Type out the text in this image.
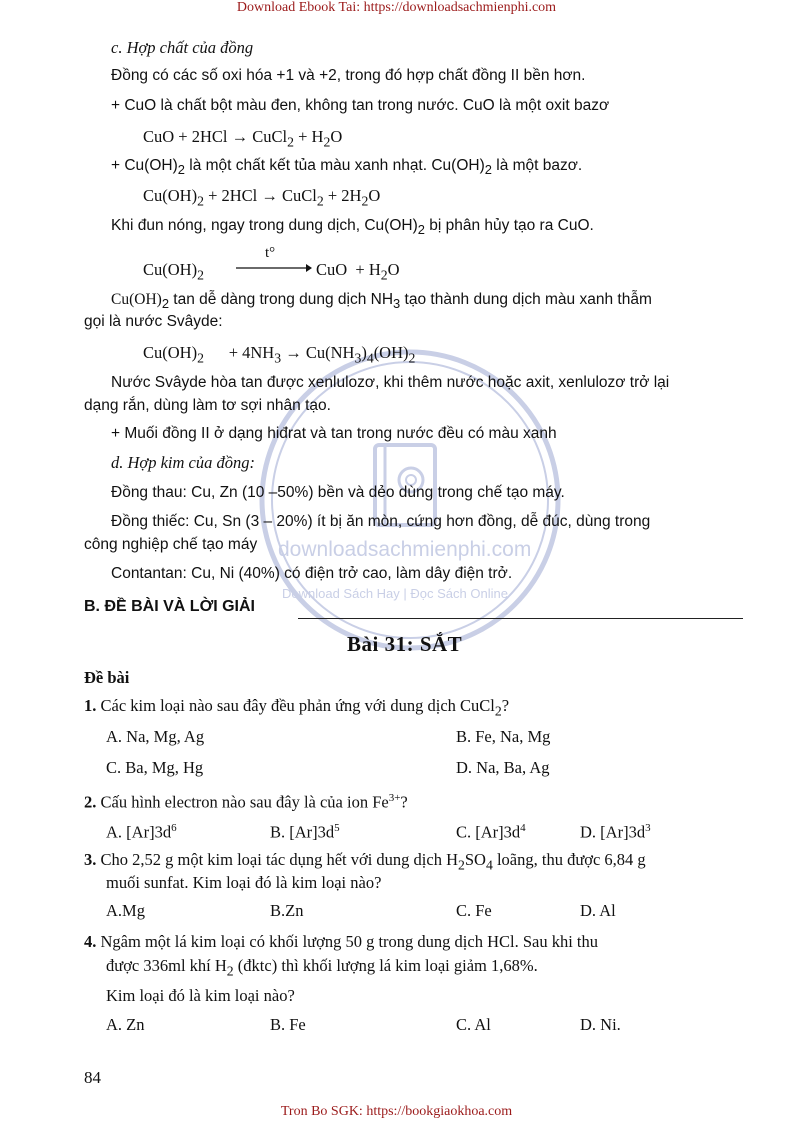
Download Ebook Tai: https://downloadsachmienphi.com
Tron Bo SGK: https://bookgiaokhoa.com
downloadsachmienphi.com
Download Sách Hay | Đọc Sách Online
c. Hợp chất của đồng
Đồng có các số oxi hóa +1 và +2, trong đó hợp chất đồng II bền hơn.
+ CuO là chất bột màu đen, không tan trong nước. CuO là một oxit bazơ
CuO + 2HCl → CuCl$_2$ + $H_2O$
+ $Cu(OH)_2$ là một chất kết tủa màu xanh nhạt. $Cu(OH)_2$ là một bazơ.
$Cu(OH)_2 + 2HCl$ → CuCl$_2$ + $2H_2O$
Khi đun nóng, ngay trong dung dịch, $Cu(OH)_2$ bị phân hủy tạo ra CuO.
$Cu(OH)_2$
t°
CuO + $H_2O$
$Cu(OH)_2$ tan dễ dàng trong dung dịch $NH_3$ tạo thành dung dịch màu xanh thẫm
gọi là nước Svâyde:
$Cu(OH)_2 + 4NH_3 \to Cu(NH_3)_4(OH)_2$
Nước Svâyde hòa tan được xenlulozơ, khi thêm nước hoặc axit, xenlulozơ trở lại
dạng rắn, dùng làm tơ sợi nhân tạo.
+ Muối đồng II ở dạng hiđrat và tan trong nước đều có màu xanh
d. Hợp kim của đồng:
Đồng thau: Cu, Zn (10 –50%) bền và dẻo dùng trong chế tạo máy.
Đồng thiếc: Cu, Sn (3 – 20%) ít bị ăn mòn, cứng hơn đồng, dễ đúc, dùng trong
công nghiệp chế tạo máy
Contantan: Cu, Ni (40%) có điện trở cao, làm dây điện trở.
B. ĐỀ BÀI VÀ LỜI GIẢI
Bài 31: SẮT
Đề bài
1. Các kim loại nào sau đây đều phản ứng với dung dịch CuCl$_2$?
A. Na, Mg, Ag	B. Fe, Na, Mg
C. Ba, Mg, Hg	D. Na, Ba, Ag
2. Cấu hình electron nào sau đây là của ion $Fe^{3+}$?
A. $[Ar]3d^6$	B. $[Ar]3d^5$	C. $[Ar]3d^4$	D. $[Ar]3d^3$
3. Cho 2,52 g một kim loại tác dụng hết với dung dịch $H_2SO_4$ loãng, thu được 6,84 g
muối sunfat. Kim loại đó là kim loại nào?
A.Mg	B.Zn	C. Fe	D. Al
4. Ngâm một lá kim loại có khối lượng 50 g trong dung dịch HCl. Sau khi thu
được 336ml khí $H_2$ (đktc) thì khối lượng lá kim loại giảm 1,68%.
Kim loại đó là kim loại nào?
A. Zn	B. Fe	C. Al	D. Ni.
84
